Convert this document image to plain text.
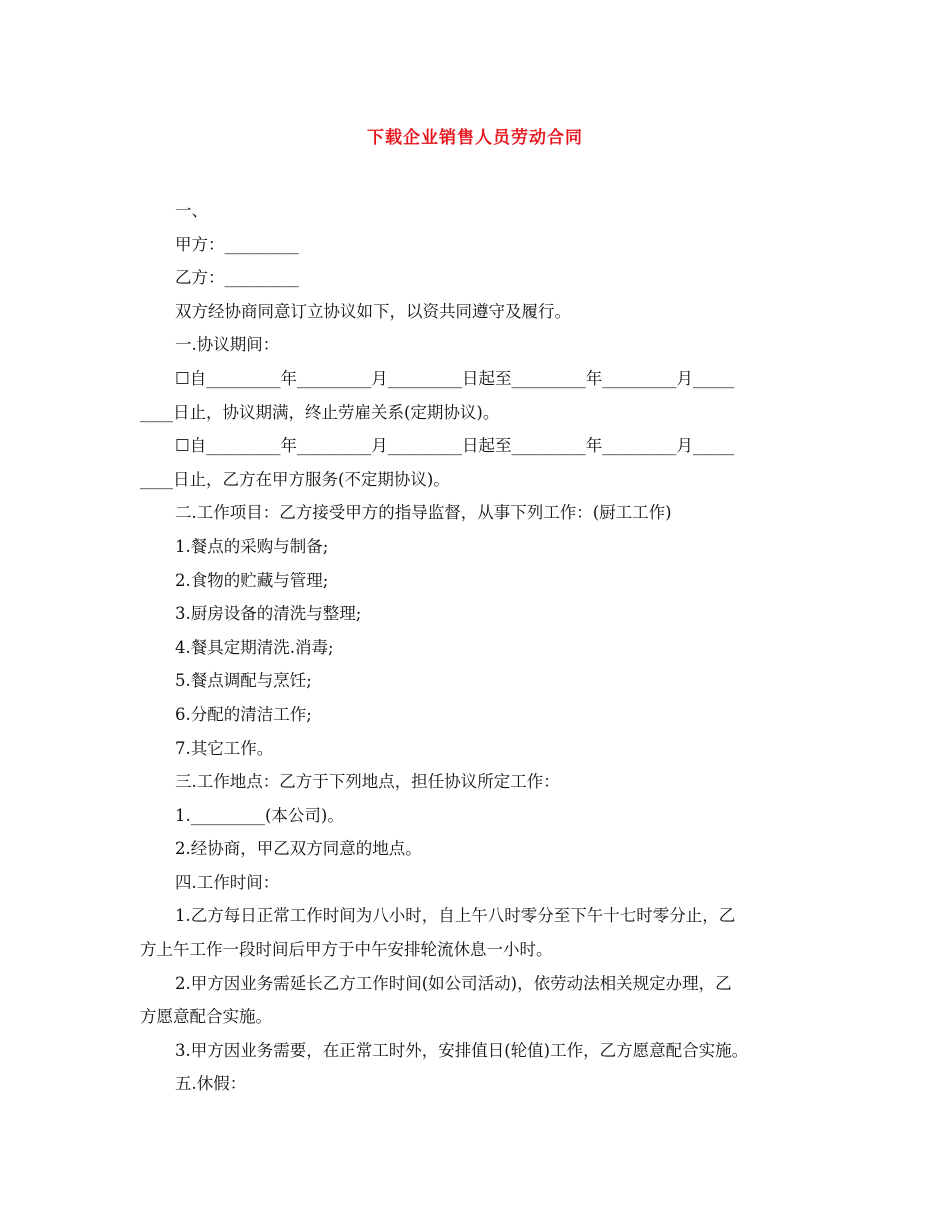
下载企业销售人员劳动合同

一、

甲方：_________

乙方：_________

双方经协商同意订立协议如下，以资共同遵守及履行。

一.协议期间：

☐自_________年_________月_________日起至_________年_________月_____

____日止，协议期满，终止劳雇关系(定期协议)。

☐自_________年_________月_________日起至_________年_________月_____

____日止，乙方在甲方服务(不定期协议)。

二.工作项目：乙方接受甲方的指导监督，从事下列工作：(厨工工作)

1.餐点的采购与制备;

2.食物的贮藏与管理;

3.厨房设备的清洗与整理;

4.餐具定期清洗.消毒;

5.餐点调配与烹饪;

6.分配的清洁工作;

7.其它工作。

三.工作地点：乙方于下列地点，担任协议所定工作：

1._________(本公司)。

2.经协商，甲乙双方同意的地点。

四.工作时间：

1.乙方每日正常工作时间为八小时，自上午八时零分至下午十七时零分止，乙

方上午工作一段时间后甲方于中午安排轮流休息一小时。

2.甲方因业务需延长乙方工作时间(如公司活动)，依劳动法相关规定办理，乙

方愿意配合实施。

3.甲方因业务需要，在正常工时外，安排值日(轮值)工作，乙方愿意配合实施。

五.休假：
